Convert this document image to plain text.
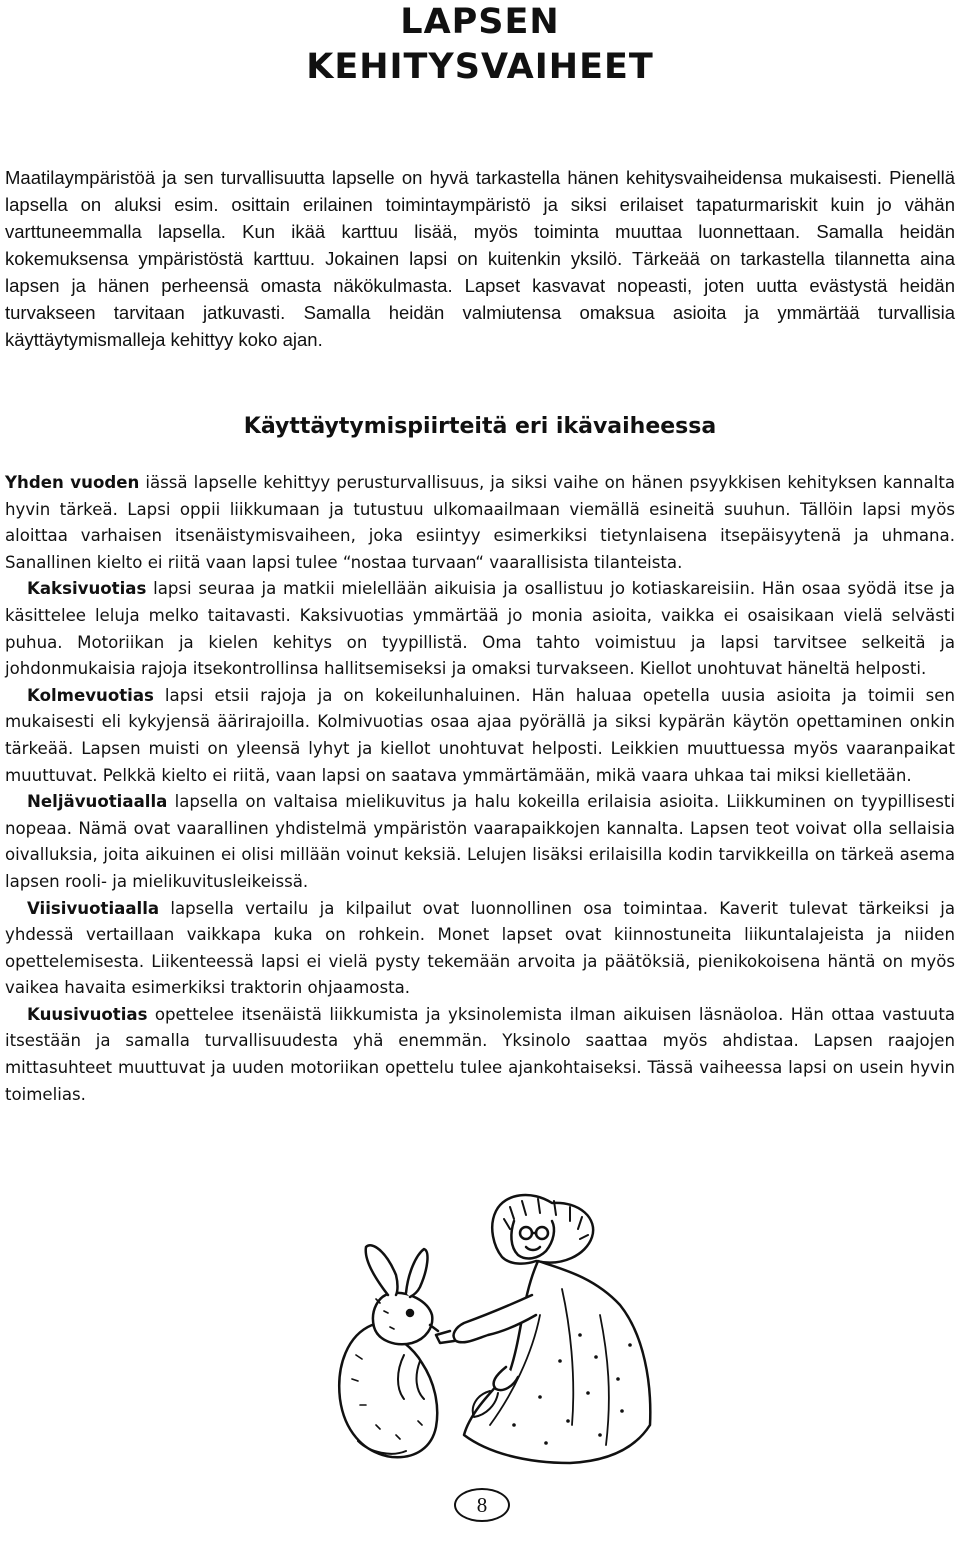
LAPSEN
KEHITYSVAIHEET

Maatilaympäristöä ja sen turvallisuutta lapselle on hyvä tarkastella hänen kehitysvaiheidensa mukaisesti. Pienellä lapsella on aluksi esim. osittain erilainen toimintaympäristö ja siksi erilaiset tapaturmariskit kuin jo vähän varttuneemmalla lapsella. Kun ikää karttuu lisää, myös toiminta muuttaa luonnettaan. Samalla heidän kokemuksensa ympäristöstä karttuu. Jokainen lapsi on kuitenkin yksilö. Tärkeää on tarkastella tilannetta aina lapsen ja hänen perheensä omasta näkökulmasta. Lapset kasvavat nopeasti, joten uutta evästystä heidän turvakseen tarvitaan jatkuvasti. Samalla heidän valmiutensa omaksua asioita ja ymmärtää turvallisia käyttäytymismalleja kehittyy koko ajan.

Käyttäytymispiirteitä eri ikävaiheessa

Yhden vuoden iässä lapselle kehittyy perusturvallisuus, ja siksi vaihe on hänen psyykkisen kehityksen kannalta hyvin tärkeä. Lapsi oppii liikkumaan ja tutustuu ulkomaailmaan viemällä esineitä suuhun. Tällöin lapsi myös aloittaa varhaisen itsenäistymisvaiheen, joka esiintyy esimerkiksi tietynlaisena itsepäisyytenä ja uhmana. Sanallinen kielto ei riitä vaan lapsi tulee “nostaa turvaan“ vaarallisista tilanteista.

Kaksivuotias lapsi seuraa ja matkii mielellään aikuisia ja osallistuu jo kotiaskareisiin. Hän osaa syödä itse ja käsittelee leluja melko taitavasti. Kaksivuotias ymmärtää jo monia asioita, vaikka ei osaisikaan vielä selvästi puhua. Motoriikan ja kielen kehitys on tyypillistä. Oma tahto voimistuu ja lapsi tarvitsee selkeitä ja johdonmukaisia rajoja itsekontrollinsa hallitsemiseksi ja omaksi turvakseen. Kiellot unohtuvat häneltä helposti.

Kolmevuotias lapsi etsii rajoja ja on kokeilunhaluinen. Hän haluaa opetella uusia asioita ja toimii sen mukaisesti eli kykyjensä äärirajoilla. Kolmivuotias osaa ajaa pyörällä ja siksi kypärän käytön opettaminen onkin tärkeää. Lapsen muisti on yleensä lyhyt ja kiellot unohtuvat helposti. Leikkien muuttuessa myös vaaranpaikat muuttuvat. Pelkkä kielto ei riitä, vaan lapsi on saatava ymmärtämään, mikä vaara uhkaa tai miksi kielletään.

Neljävuotiaalla lapsella on valtaisa mielikuvitus ja halu kokeilla erilaisia asioita. Liikkuminen on tyypillisesti nopeaa. Nämä ovat vaarallinen yhdistelmä ympäristön vaarapaikkojen kannalta. Lapsen teot voivat olla sellaisia oivalluksia, joita aikuinen ei olisi millään voinut keksiä. Lelujen lisäksi erilaisilla kodin tarvikkeilla on tärkeä asema lapsen rooli- ja mielikuvitusleikeissä.

Viisivuotiaalla lapsella vertailu ja kilpailut ovat luonnollinen osa toimintaa. Kaverit tulevat tärkeiksi ja yhdessä vertaillaan vaikkapa kuka on rohkein. Monet lapset ovat kiinnostuneita liikuntalajeista ja niiden opettelemisesta. Liikenteessä lapsi ei vielä pysty tekemään arvoita ja päätöksiä, pienikokoisena häntä on myös vaikea havaita esimerkiksi traktorin ohjaamosta.

Kuusivuotias opettelee itsenäistä liikkumista ja yksinolemista ilman aikuisen läsnäoloa. Hän ottaa vastuuta itsestään ja samalla turvallisuudesta yhä enemmän. Yksinolo saattaa myös ahdistaa. Lapsen raajojen mittasuhteet muuttuvat ja uuden motoriikan opettelu tulee ajankohtaiseksi. Tässä vaiheessa lapsi on usein hyvin toimelias.

8
